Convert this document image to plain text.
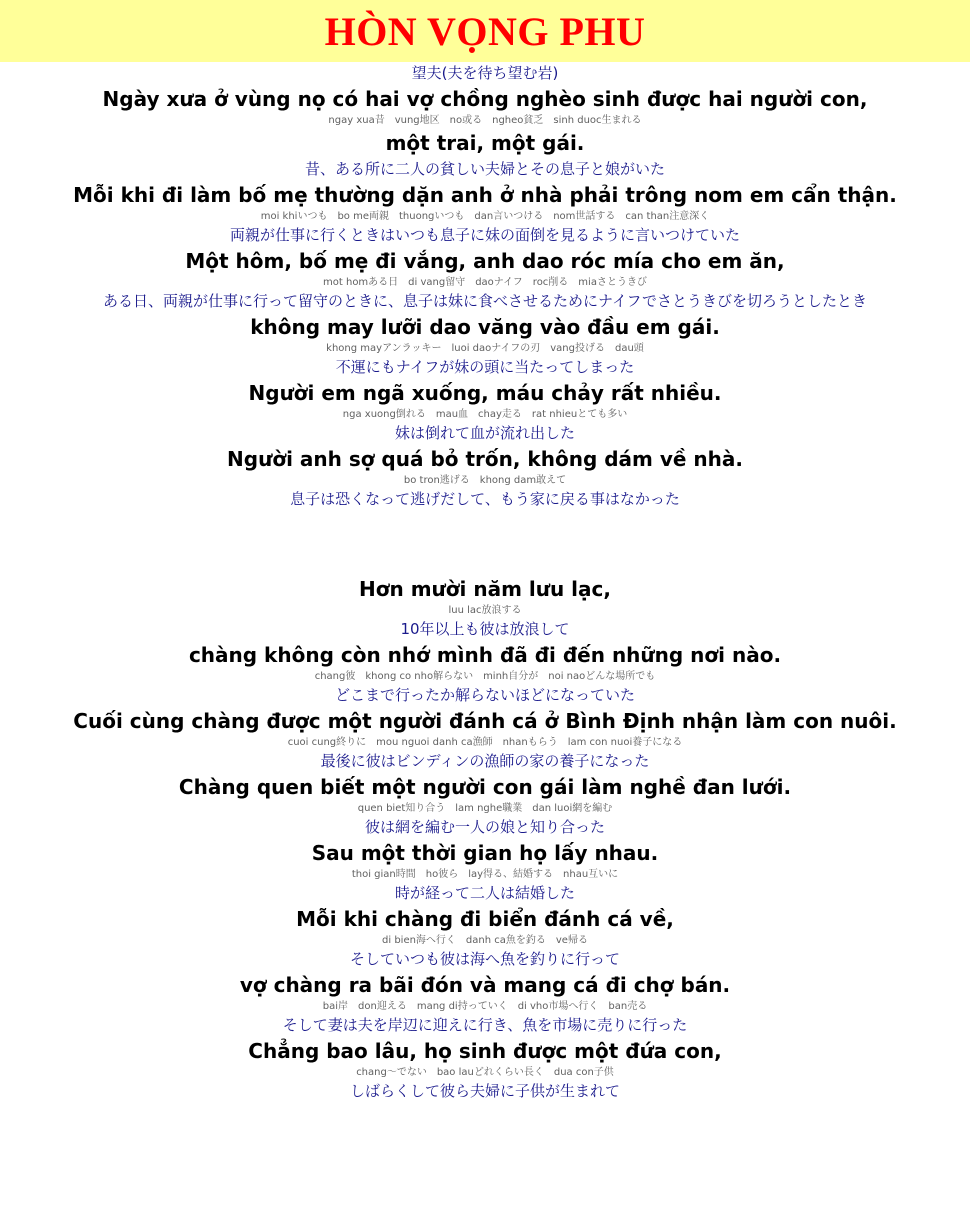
HÒN VỌNG PHU
望夫(夫を待ち望む岩)
Ngày xưa ở vùng nọ có hai vợ chồng nghèo sinh được hai người con,
ngay xua昔　vung地区　no或る　ngheo貧乏　sinh duoc生まれる
một trai, một gái.
昔、ある所に二人の貧しい夫婦とその息子と娘がいた
Mỗi khi đi làm bố mẹ thường dặn anh ở nhà phải trông nom em cẩn thận.
moi khiいつも　bo me両親　thuongいつも　dan言いつける　nom世話する　can than注意深く
両親が仕事に行くときはいつも息子に妹の面倒を見るように言いつけていた
Một hôm, bố mẹ đi vắng, anh dao róc mía cho em ăn,
mot homある日　di vang留守　daoナイフ　roc削る　miaさとうきび
ある日、両親が仕事に行って留守のときに、息子は妹に食べさせるためにナイフでさとうきびを切ろうとしたとき
không may lưỡi dao văng vào đầu em gái.
khong mayアンラッキー　luoi daoナイフの刃　vang投げる　dau頭
不運にもナイフが妹の頭に当たってしまった
Người em ngã xuống, máu chảy rất nhiều.
nga xuong倒れる　mau血　chay走る　rat nhieuとても多い
妹は倒れて血が流れ出した
Người anh sợ quá bỏ trốn, không dám về nhà.
bo tron逃げる　khong dam敢えて
息子は恐くなって逃げだして、もう家に戻る事はなかった
Hơn mười năm lưu lạc,
luu lac放浪する
10年以上も彼は放浪して
chàng không còn nhớ mình đã đi đến những nơi nào.
chang彼　khong co nho解らない　minh自分が　noi naoどんな場所でも
どこまで行ったか解らないほどになっていた
Cuối cùng chàng được một người đánh cá ở Bình Định nhận làm con nuôi.
cuoi cung終りに　mou nguoi danh ca漁師　nhanもらう　lam con nuoi養子になる
最後に彼はビンディンの漁師の家の養子になった
Chàng quen biết một người con gái làm nghề đan lưới.
quen biet知り合う　lam nghe職業　dan luoi網を編む
彼は網を編む一人の娘と知り合った
Sau một thời gian họ lấy nhau.
thoi gian時間　ho彼ら　lay得る、結婚する　nhau互いに
時が経って二人は結婚した
Mỗi khi chàng đi biển đánh cá về,
di bien海へ行く　danh ca魚を釣る　ve帰る
そしていつも彼は海へ魚を釣りに行って
vợ chàng ra bãi đón và mang cá đi chợ bán.
bai岸　don迎える　mang di持っていく　di vho市場へ行く　ban売る
そして妻は夫を岸辺に迎えに行き、魚を市場に売りに行った
Chẳng bao lâu, họ sinh được một đứa con,
chang〜でない　bao lauどれくらい長く　dua con子供
しばらくして彼ら夫婦に子供が生まれて
